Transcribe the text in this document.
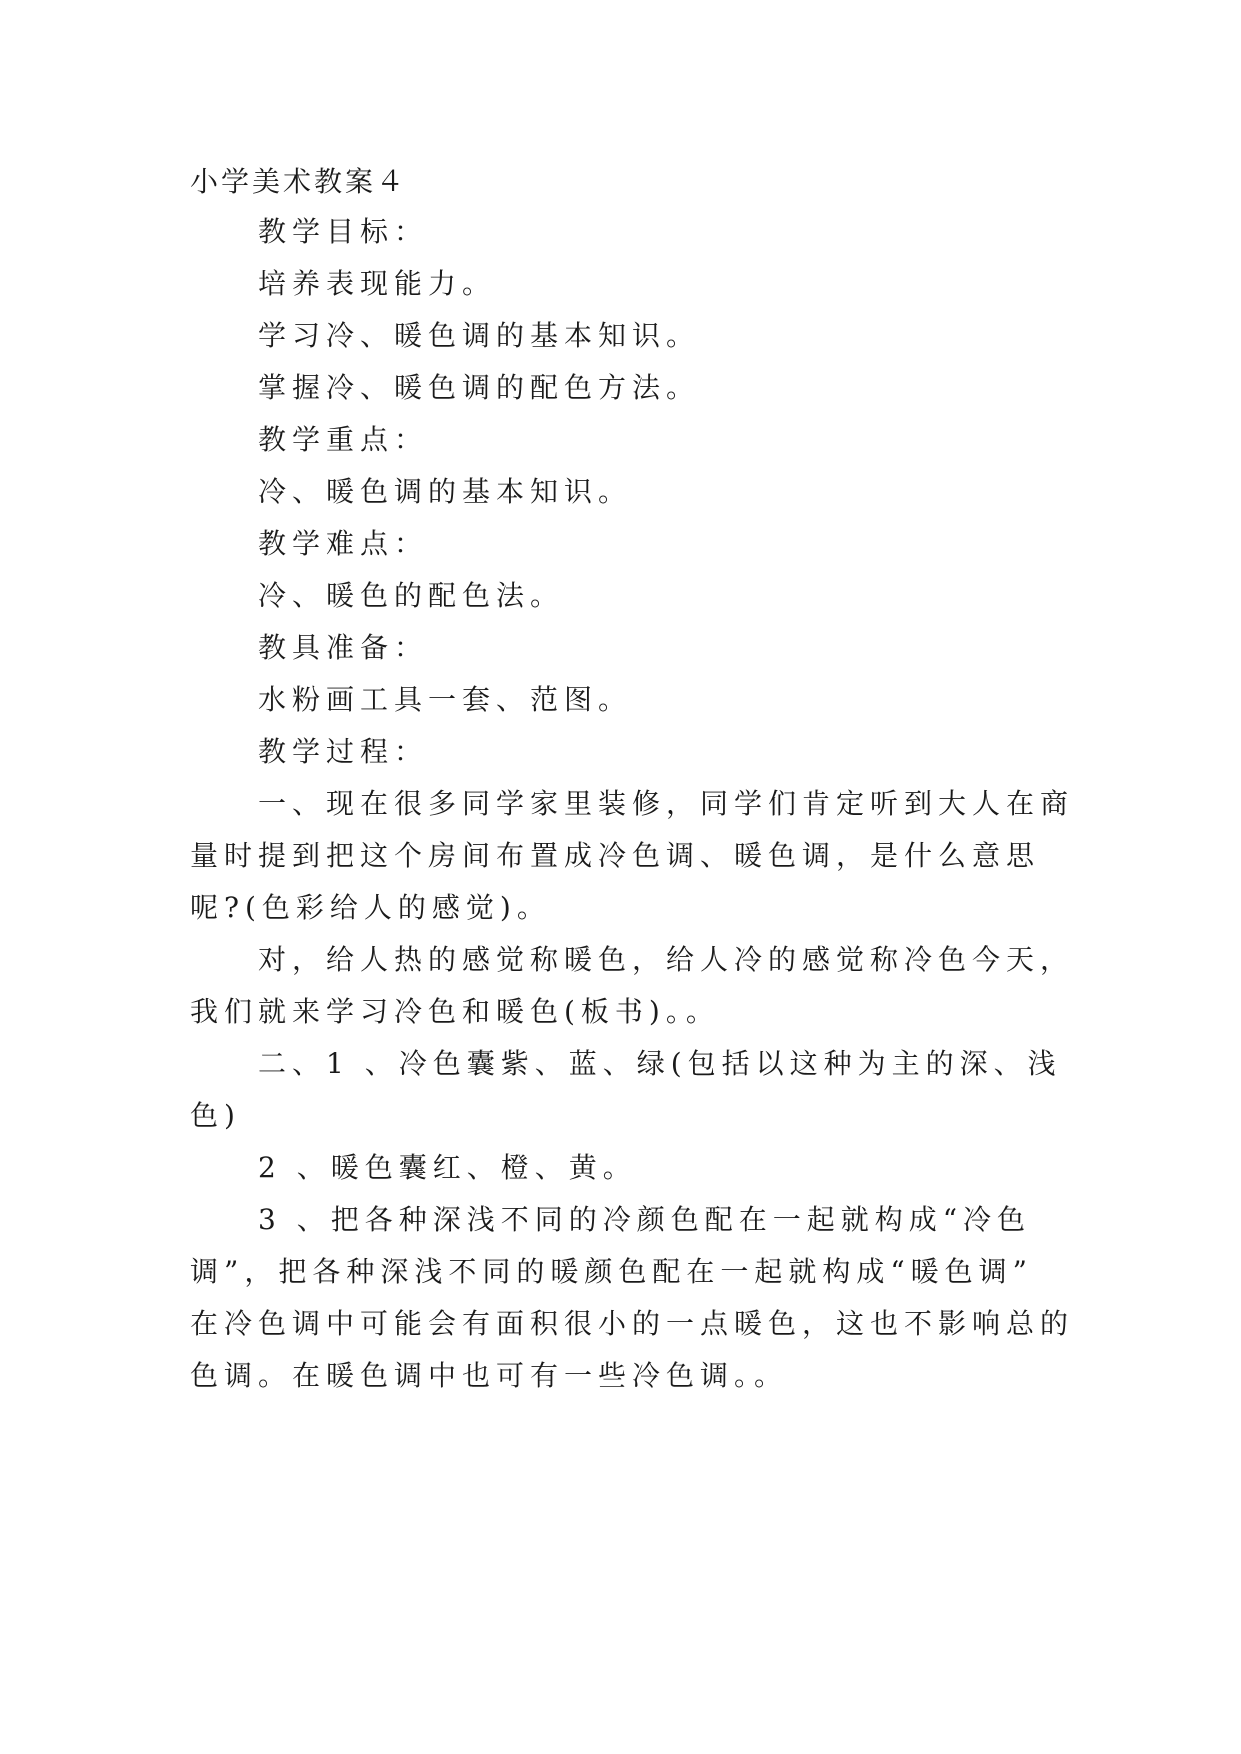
小学美术教案４
教学目标：
培养表现能力。
学习冷、暖色调的基本知识。
掌握冷、暖色调的配色方法。
教学重点：
冷、暖色调的基本知识。
教学难点：
冷、暖色的配色法。
教具准备：
水粉画工具一套、范图。
教学过程：
一、现在很多同学家里装修，同学们肯定听到大人在商
量时提到把这个房间布置成冷色调、暖色调，是什么意思
呢?(色彩给人的感觉)。
对，给人热的感觉称暖色，给人冷的感觉称冷色今天，
我们就来学习冷色和暖色(板书)。。
二、1 、冷色囊紫、蓝、绿(包括以这种为主的深、浅
色)
2 、暖色囊红、橙、黄。
3 、把各种深浅不同的冷颜色配在一起就构成“冷色
调”，把各种深浅不同的暖颜色配在一起就构成“暖色调”
在冷色调中可能会有面积很小的一点暖色，这也不影响总的
色调。在暖色调中也可有一些冷色调。。
